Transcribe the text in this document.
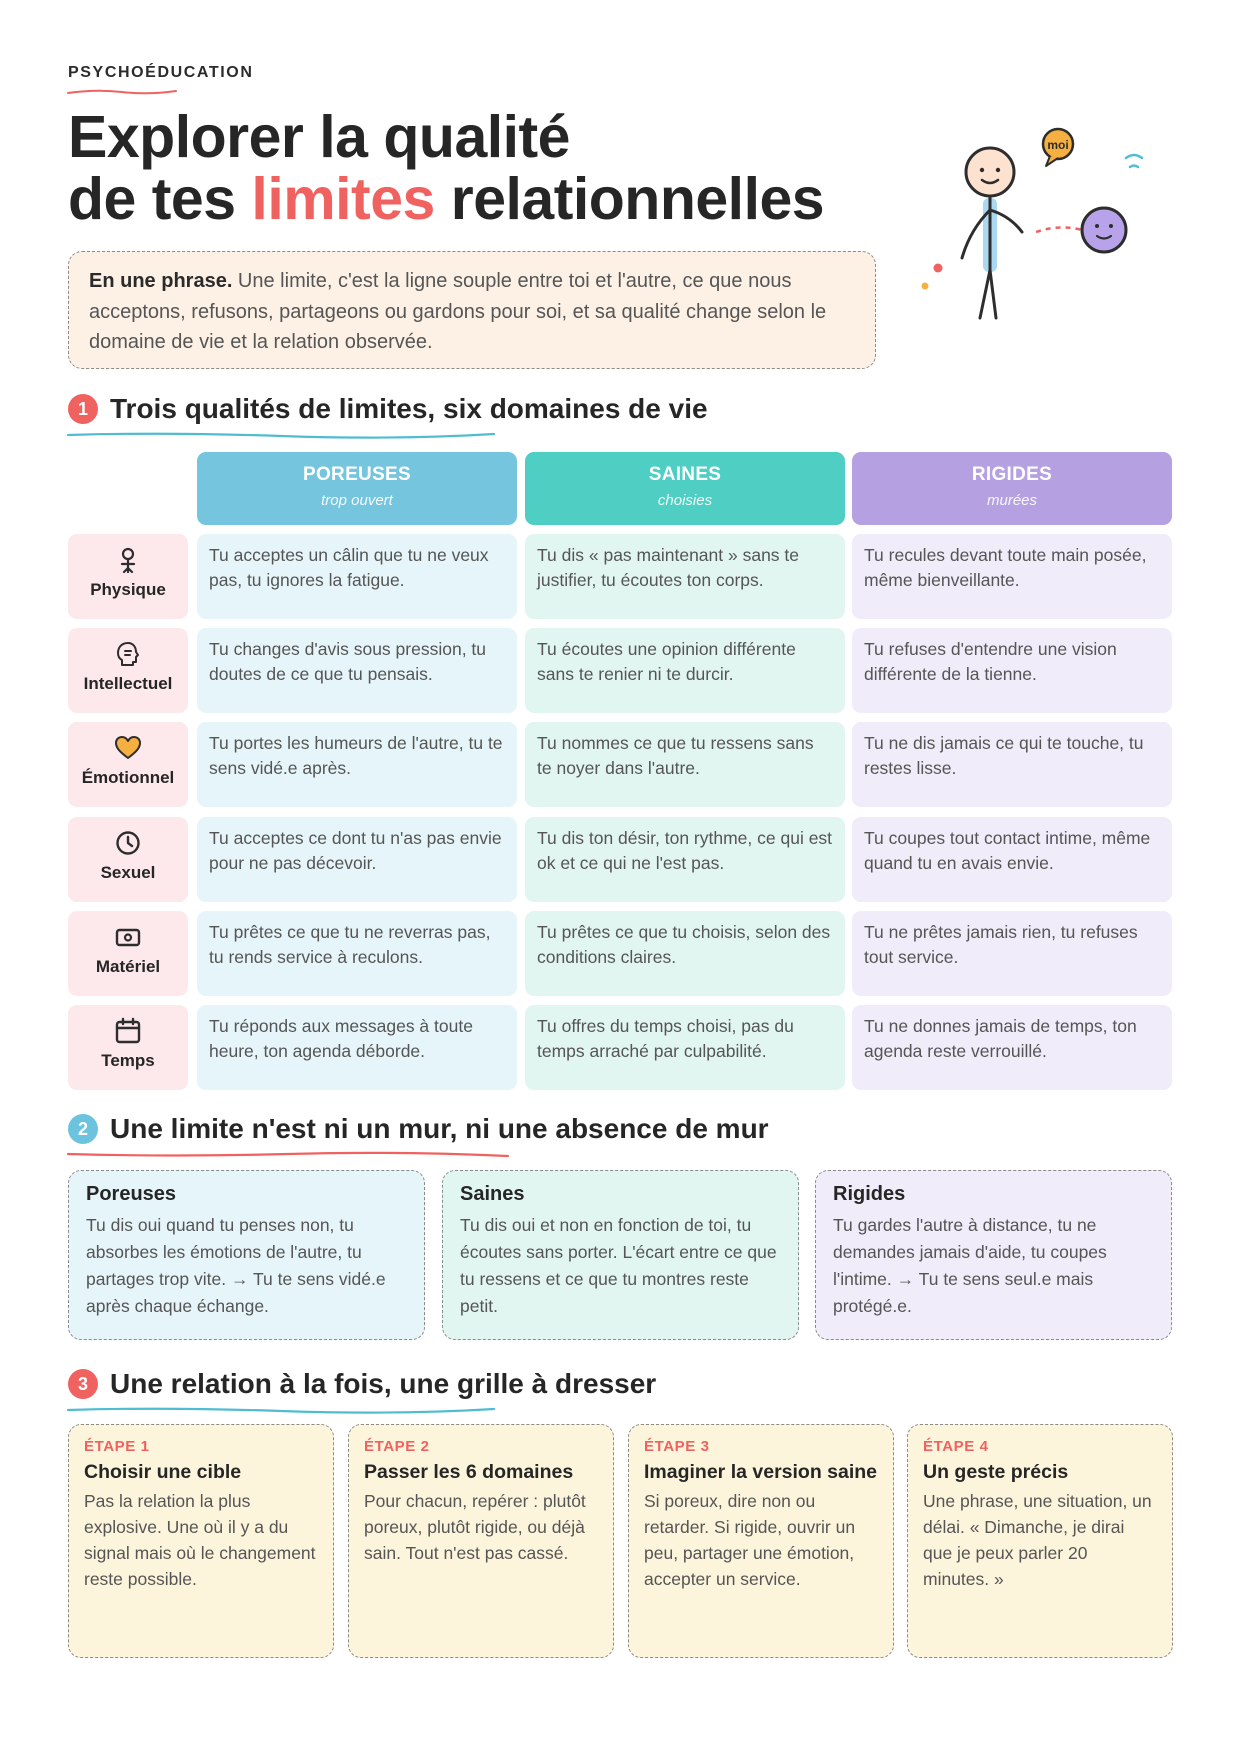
PSYCHOÉDUCATION
Explorer la qualité
de tes limites relationnelles
En une phrase. Une limite, c'est la ligne souple entre toi et l'autre, ce que nous acceptons, refusons, partageons ou gardons pour soi, et sa qualité change selon le domaine de vie et la relation observée.
moi
1 Trois qualités de limites, six domaines de vie
POREUSES
trop ouvert
SAINES
choisies
RIGIDES
murées
Physique
Tu acceptes un câlin que tu ne veux pas, tu ignores la fatigue.
Tu dis « pas maintenant » sans te justifier, tu écoutes ton corps.
Tu recules devant toute main posée, même bienveillante.
Intellectuel
Tu changes d'avis sous pression, tu doutes de ce que tu pensais.
Tu écoutes une opinion différente sans te renier ni te durcir.
Tu refuses d'entendre une vision différente de la tienne.
Émotionnel
Tu portes les humeurs de l'autre, tu te sens vidé.e après.
Tu nommes ce que tu ressens sans te noyer dans l'autre.
Tu ne dis jamais ce qui te touche, tu restes lisse.
Sexuel
Tu acceptes ce dont tu n'as pas envie pour ne pas décevoir.
Tu dis ton désir, ton rythme, ce qui est ok et ce qui ne l'est pas.
Tu coupes tout contact intime, même quand tu en avais envie.
Matériel
Tu prêtes ce que tu ne reverras pas, tu rends service à reculons.
Tu prêtes ce que tu choisis, selon des conditions claires.
Tu ne prêtes jamais rien, tu refuses tout service.
Temps
Tu réponds aux messages à toute heure, ton agenda déborde.
Tu offres du temps choisi, pas du temps arraché par culpabilité.
Tu ne donnes jamais de temps, ton agenda reste verrouillé.
2 Une limite n'est ni un mur, ni une absence de mur
Poreuses
Tu dis oui quand tu penses non, tu absorbes les émotions de l'autre, tu partages trop vite. → Tu te sens vidé.e après chaque échange.
Saines
Tu dis oui et non en fonction de toi, tu écoutes sans porter. L'écart entre ce que tu ressens et ce que tu montres reste petit.
Rigides
Tu gardes l'autre à distance, tu ne demandes jamais d'aide, tu coupes l'intime. → Tu te sens seul.e mais protégé.e.
3 Une relation à la fois, une grille à dresser
ÉTAPE 1
Choisir une cible
Pas la relation la plus explosive. Une où il y a du signal mais où le changement reste possible.
ÉTAPE 2
Passer les 6 domaines
Pour chacun, repérer : plutôt poreux, plutôt rigide, ou déjà sain. Tout n'est pas cassé.
ÉTAPE 3
Imaginer la version saine
Si poreux, dire non ou retarder. Si rigide, ouvrir un peu, partager une émotion, accepter un service.
ÉTAPE 4
Un geste précis
Une phrase, une situation, un délai. « Dimanche, je dirai que je peux parler 20 minutes. »
